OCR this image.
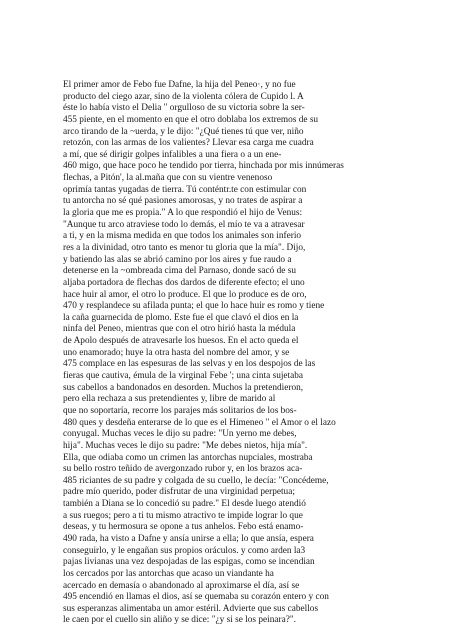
El primer amor de Febo fue Dafne, la hija del Peneo·, y no fue
producto del ciego azar, sino de la violenta cólera de Cupido l. A
éste lo había visto el Delia " orgulloso de su victoria sobre la ser-
455 piente, en el momento en que el otro doblaba los extremos de su
arco tirando de la ~uerda, y le dijo: "¿Qué tienes tú que ver, niño
retozón, con las armas de los valientes? Llevar esa carga me cuadra
a mí, que sé dirigir golpes infalibles a una fiera o a un ene-
460 migo, que hace poco he tendido por tierra, hinchada por mis innúmeras
flechas, a Pitón', la al.maña que con su vientre venenoso
oprimía tantas yugadas de tierra. Tú conténtr.te con estimular con
tu antorcha no sé qué pasiones amorosas, y no trates de aspirar a
la gloria que me es propia." A lo que respondió el hijo de Venus:
"Aunque tu arco atraviese todo lo demás, el mío te va a atravesar
a ti, y en la misma medida en que todos los animales son inferio
res a la divinidad, otro tanto es menor tu gloria que la mía". Dijo,
y batiendo las alas se abrió camino por los aires y fue raudo a
detenerse en la ~ombreada cima del Parnaso, donde sacó de su
aljaba portadora de flechas dos dardos de diferente efecto; el uno
hace huir al amor, el otro lo produce. El que lo produce es de oro,
470 y resplandece su afilada punta; el que lo hace huir es romo y tiene
la caña guarnecida de plomo. Este fue el que clavó el dios en la
ninfa del Peneo, mientras que con el otro hirió hasta la médula
de Apolo después de atravesarle los huesos. En el acto queda el
uno enamorado; huye la otra hasta del nombre del amor, y se
475 complace en las espesuras de las selvas y en los despojos de las
fieras que cautiva, émula de la virginal Febe '; una cinta sujetaba
sus cabellos a bandonados en desorden. Muchos la pretendieron,
pero ella rechaza a sus pretendientes y, libre de marido al
que no soportaría, recorre los parajes más solitarios de los bos-
480 ques y desdeña enterarse de lo que es el Himeneo " el Amor o el lazo
conyugal. Muchas veces le dijo su padre: "Un yerno me debes,
hija". Muchas veces le dijo su padre: "Me debes nietos, hija mía".
Ella, que odiaba como un crimen las antorchas nupciales, mostraba
su bello rostro teñido de avergonzado rubor y, en los brazos aca-
485 riciantes de su padre y colgada de su cuello, le decía: "Concédeme,
padre mío querido, poder disfrutar de una virginidad perpetua;
también a Diana se lo concedió su padre." El desde luego atendió
a sus ruegos; pero a ti tu mismo atractivo te impide lograr lo que
deseas, y tu hermosura se opone a tus anhelos. Febo está enamo-
490 rada, ha visto a Dafne y ansía unirse a ella; lo que ansía, espera
conseguirlo, y le engañan sus propios oráculos. y como arden la3
pajas livianas una vez despojadas de las espigas, como se incendian
los cercados por las antorchas que acaso un viandante ha
acercado en demasía o abandonado al aproximarse el día, así se
495 encendió en llamas el dios, así se quemaba su corazón entero y con
sus esperanzas alimentaba un amor estéril. Advierte que sus cabellos
le caen por el cuello sin aliño y se dice: "¿y si se los peinara?".
